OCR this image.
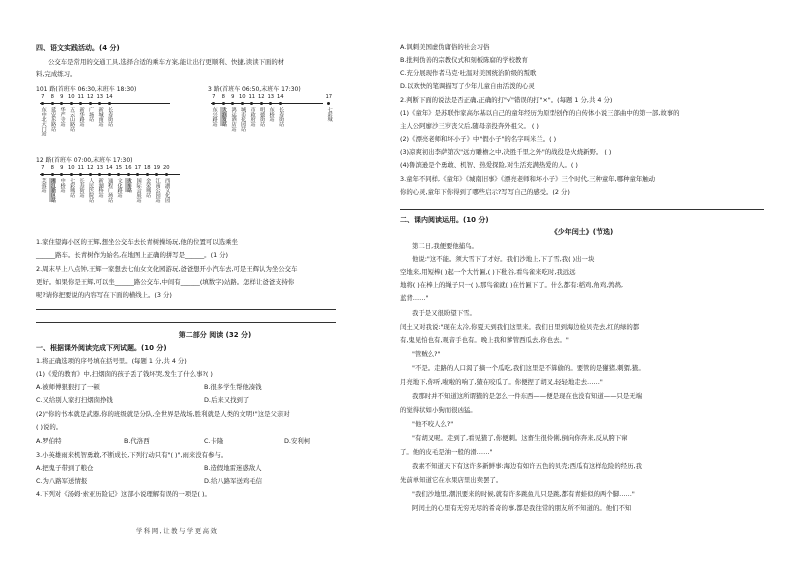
四、语文实践活动。(4 分)
公交车是常用的交通工具,选择合适的乘车方案,能让出行更顺利、快捷,读读下面的材
料,完成练习。
101 路(首班车 06:30,末班车 18:30)
7
东中北大门站
8
延安东路站
9
华严寺站
10
五云山路站
11
新华路站
12
广场站
13
新城南站
14
长寿街站
3 路(首班车 06:50,末班车 17:30)
7
东兴路站
8
大润发站
9
鸿运酒店站
10
城市花园站
11
市政府站
12
明德街站
13
东桥站
14
长寿街站
17
七彩城
12 路(首班车 07:00,末班车 17:30)
7
芙蓉站
8
湘江新区站
9
中桥站
10
七彩城站
11
长寿街站
12
人民医院站
13
新湖桥站
14
通程广场站
15
文化路站
16
火车站
17
国际会展站
18
金荣城站
19
江南公园站
20
西湖文化园
1.家住望海小区的王辉,想坐公交车去长青树操场玩,他的位置可以选乘坐
______路车。长青树作为始名,在地图上正确的拼写是______。(1 分)
2.周末早上八点钟,王辉一家想去七仙女文化园游玩,爸爸想开小汽车去,可是王辉认为坐公交车
更好。如果你是王辉,可以坐______路公交车,中间有______(填数字)站路。怎样让爸爸支持你
呢?请你把要说的内容写在下面的横线上。(3 分)
第二部分 阅读 (32 分)
一、根据课外阅读完成下列试题。(10 分)
1.将正确选项的序号填在括号里。(每题 1 分,共 4 分)
(1)《爱的教育》中,扫烟囱的孩子丢了钱坏哭,发生了什么事?( )
A.被师傅狠狠打了一顿	B.很多学生帮他凑钱
C.又给别人家打扫烟囱挣钱	D.后来又找到了
(2)"你的书本就是武器,你的班级就是分队,全世界是战场,胜利就是人类的文明!"这是父亲对
( )说的。
A.罗伯特	B.代洛西	C.卡隆	D.安利柯
3.小英雄雨来机智勇敢,不断成长,下列行动只有"( )",雨来没有参与。
A.把鬼子带到了粮仓	B.造假地雷迷惑敌人
C.为八路军送情报	D.给八路军送鸡毛信
4.下列对《汤姆·索亚历险记》这部小说理解有误的一项是( )。
学科网,让教与学更高效
A.讽刺美国虚伪庸俗的社会习俗
B.批判伪善的宗教仪式和刻板陈腐的学校教育
C.充分展现作者马克·吐温对美国统治阶级的叛歌
D.以欢快的笔调描写了少年儿童自由活泼的心灵
2.判断下面的说法是否正确,正确的打"√"错误的打"×"。(每题 1 分,共 4 分)
(1)《童年》是苏联作家高尔基以自己的童年经历为原型创作的自传体小说三部曲中的第一部,故事的
主人公阿廖沙三岁丧父后,随母亲投奔外祖父。 ( )
(2)《漂亮老师和坏小子》中"假小子"的名字叫米兰。( )
(3)凉爽初出李萨第次"远方雕檐之中,决胜千里之外"的战役是火烧新野。 ( )
(4)鲁滨逊是个勇敢、机智、热爱探险,对生活充满热爱的人。( )
3.童年不同样,《童年》《城南旧事》《漂亮老师和坏小子》三个时代,三种童年,哪种童年触动
你的心灵,童年下你得到了哪些启示?写写自己的感受。(2 分)
二、课内阅读运用。(10 分)
《少年闰土》(节选)
第二日,我便要他捕鸟。
他说:"这不能。须大雪下了才好。我们沙地上,下了雪,我( )出一块
空地来,用短棒( )起一个大竹匾,( )下秕谷,看鸟雀来吃时,我远远
地将( )在棒上的绳子只一( ),那鸟雀就( )在竹匾下了。什么都有:稻鸡,角鸡,鹁鸪,
蓝背……"
我于是又很盼望下雪。
闰土又对我说:"现在太冷,你夏天到我们这里来。我们日里到海边检贝壳去,红的绿的都
有,鬼见怕也有,观音手也有。晚上我和爹管西瓜去,你也去。"
"管贼么?"
"不是。走路的人口渴了摘一个瓜吃,我们这里是不算偷的。要管的是獾猪,刺猬,猹。
月亮地下,你听,啦啦的响了,猹在咬瓜了。你便捏了胡叉,轻轻地走去……"
我那时并不知道这所谓猹的是怎么一件东西——便是现在也没有知道——只是无端
的觉得状如小狗而很凶猛。
"他不咬人么?"
"有胡叉呢。走到了,看见猹了,你便刺。这畜生很伶俐,倒向你奔来,反从胯下窜
了。他的皮毛是油一般的滑……"
我素不知道天下有这许多新鲜事:海边有如许五色的贝壳;西瓜有这样危险的经历,我
先前单知道它在水果店里出卖罢了。
"我们沙地里,潮汛要来的时候,就有许多跳鱼儿只是跳,都有青蛙似的两个脚……"
阿闰土的心里有无穷无尽的希奇的事,都是我往常的朋友所不知道的。他们不知
